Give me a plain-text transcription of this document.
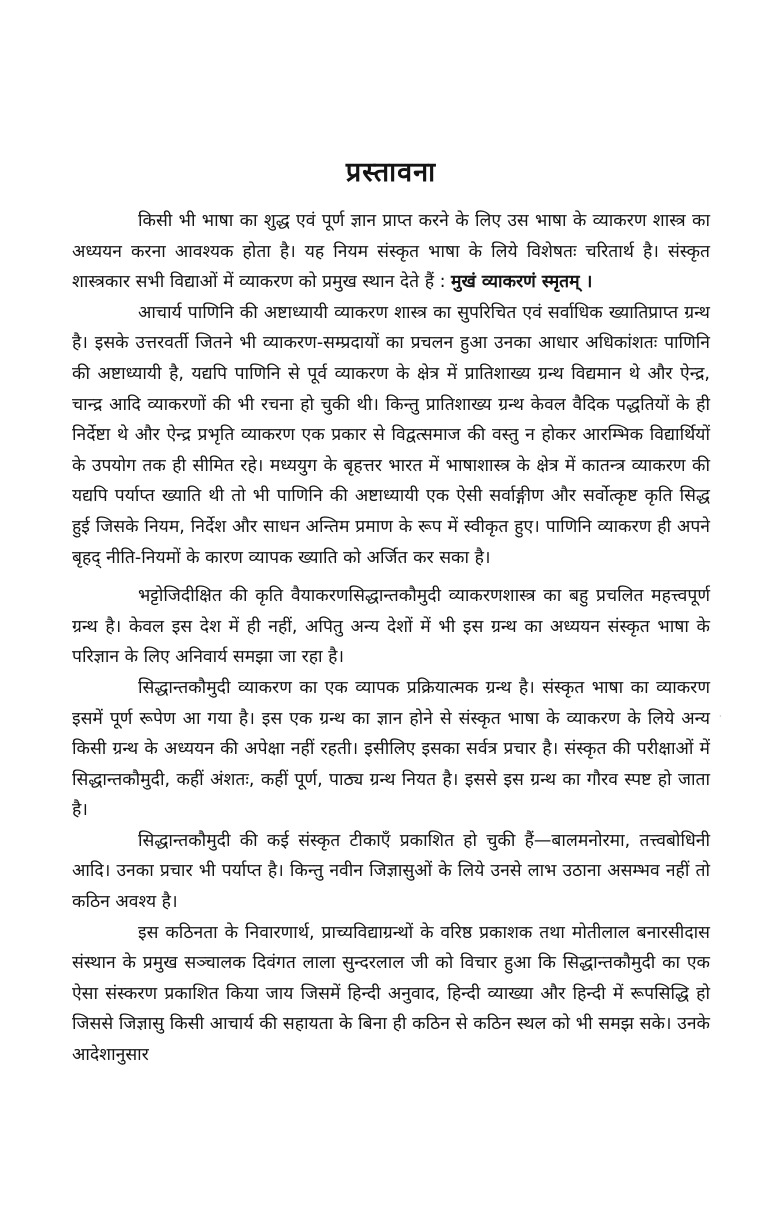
प्रस्तावना

किसी भी भाषा का शुद्ध एवं पूर्ण ज्ञान प्राप्त करने के लिए उस भाषा के व्याकरण शास्त्र का अध्ययन करना आवश्यक होता है। यह नियम संस्कृत भाषा के लिये विशेषतः चरितार्थ है। संस्कृत शास्त्रकार सभी विद्याओं में व्याकरण को प्रमुख स्थान देते हैं : मुखं व्याकरणं स्मृतम् ।

आचार्य पाणिनि की अष्टाध्यायी व्याकरण शास्त्र का सुपरिचित एवं सर्वाधिक ख्यातिप्राप्त ग्रन्थ है। इसके उत्तरवर्ती जितने भी व्याकरण-सम्प्रदायों का प्रचलन हुआ उनका आधार अधिकांशतः पाणिनि की अष्टाध्यायी है, यद्यपि पाणिनि से पूर्व व्याकरण के क्षेत्र में प्रातिशाख्य ग्रन्थ विद्यमान थे और ऐन्द्र, चान्द्र आदि व्याकरणों की भी रचना हो चुकी थी। किन्तु प्रातिशाख्य ग्रन्थ केवल वैदिक पद्धतियों के ही निर्देष्टा थे और ऐन्द्र प्रभृति व्याकरण एक प्रकार से विद्वत्समाज की वस्तु न होकर आरम्भिक विद्यार्थियों के उपयोग तक ही सीमित रहे। मध्ययुग के बृहत्तर भारत में भाषाशास्त्र के क्षेत्र में कातन्त्र व्याकरण की यद्यपि पर्याप्त ख्याति थी तो भी पाणिनि की अष्टाध्यायी एक ऐसी सर्वाङ्गीण और सर्वोत्कृष्ट कृति सिद्ध हुई जिसके नियम, निर्देश और साधन अन्तिम प्रमाण के रूप में स्वीकृत हुए। पाणिनि व्याकरण ही अपने बृहद् नीति-नियमों के कारण व्यापक ख्याति को अर्जित कर सका है।

भट्टोजिदीक्षित की कृति वैयाकरणसिद्धान्तकौमुदी व्याकरणशास्त्र का बहु प्रचलित महत्त्वपूर्ण ग्रन्थ है। केवल इस देश में ही नहीं, अपितु अन्य देशों में भी इस ग्रन्थ का अध्ययन संस्कृत भाषा के परिज्ञान के लिए अनिवार्य समझा जा रहा है।

सिद्धान्तकौमुदी व्याकरण का एक व्यापक प्रक्रियात्मक ग्रन्थ है। संस्कृत भाषा का व्याकरण इसमें पूर्ण रूपेण आ गया है। इस एक ग्रन्थ का ज्ञान होने से संस्कृत भाषा के व्याकरण के लिये अन्य किसी ग्रन्थ के अध्ययन की अपेक्षा नहीं रहती। इसीलिए इसका सर्वत्र प्रचार है। संस्कृत की परीक्षाओं में सिद्धान्तकौमुदी, कहीं अंशतः, कहीं पूर्ण, पाठ्य ग्रन्थ नियत है। इससे इस ग्रन्थ का गौरव स्पष्ट हो जाता है।

सिद्धान्तकौमुदी की कई संस्कृत टीकाएँ प्रकाशित हो चुकी हैं—बालमनोरमा, तत्त्वबोधिनी आदि। उनका प्रचार भी पर्याप्त है। किन्तु नवीन जिज्ञासुओं के लिये उनसे लाभ उठाना असम्भव नहीं तो कठिन अवश्य है।

इस कठिनता के निवारणार्थ, प्राच्यविद्याग्रन्थों के वरिष्ठ प्रकाशक तथा मोतीलाल बनारसीदास संस्थान के प्रमुख सञ्चालक दिवंगत लाला सुन्दरलाल जी को विचार हुआ कि सिद्धान्तकौमुदी का एक ऐसा संस्करण प्रकाशित किया जाय जिसमें हिन्दी अनुवाद, हिन्दी व्याख्या और हिन्दी में रूपसिद्धि हो जिससे जिज्ञासु किसी आचार्य की सहायता के बिना ही कठिन से कठिन स्थल को भी समझ सके। उनके आदेशानुसार

·
